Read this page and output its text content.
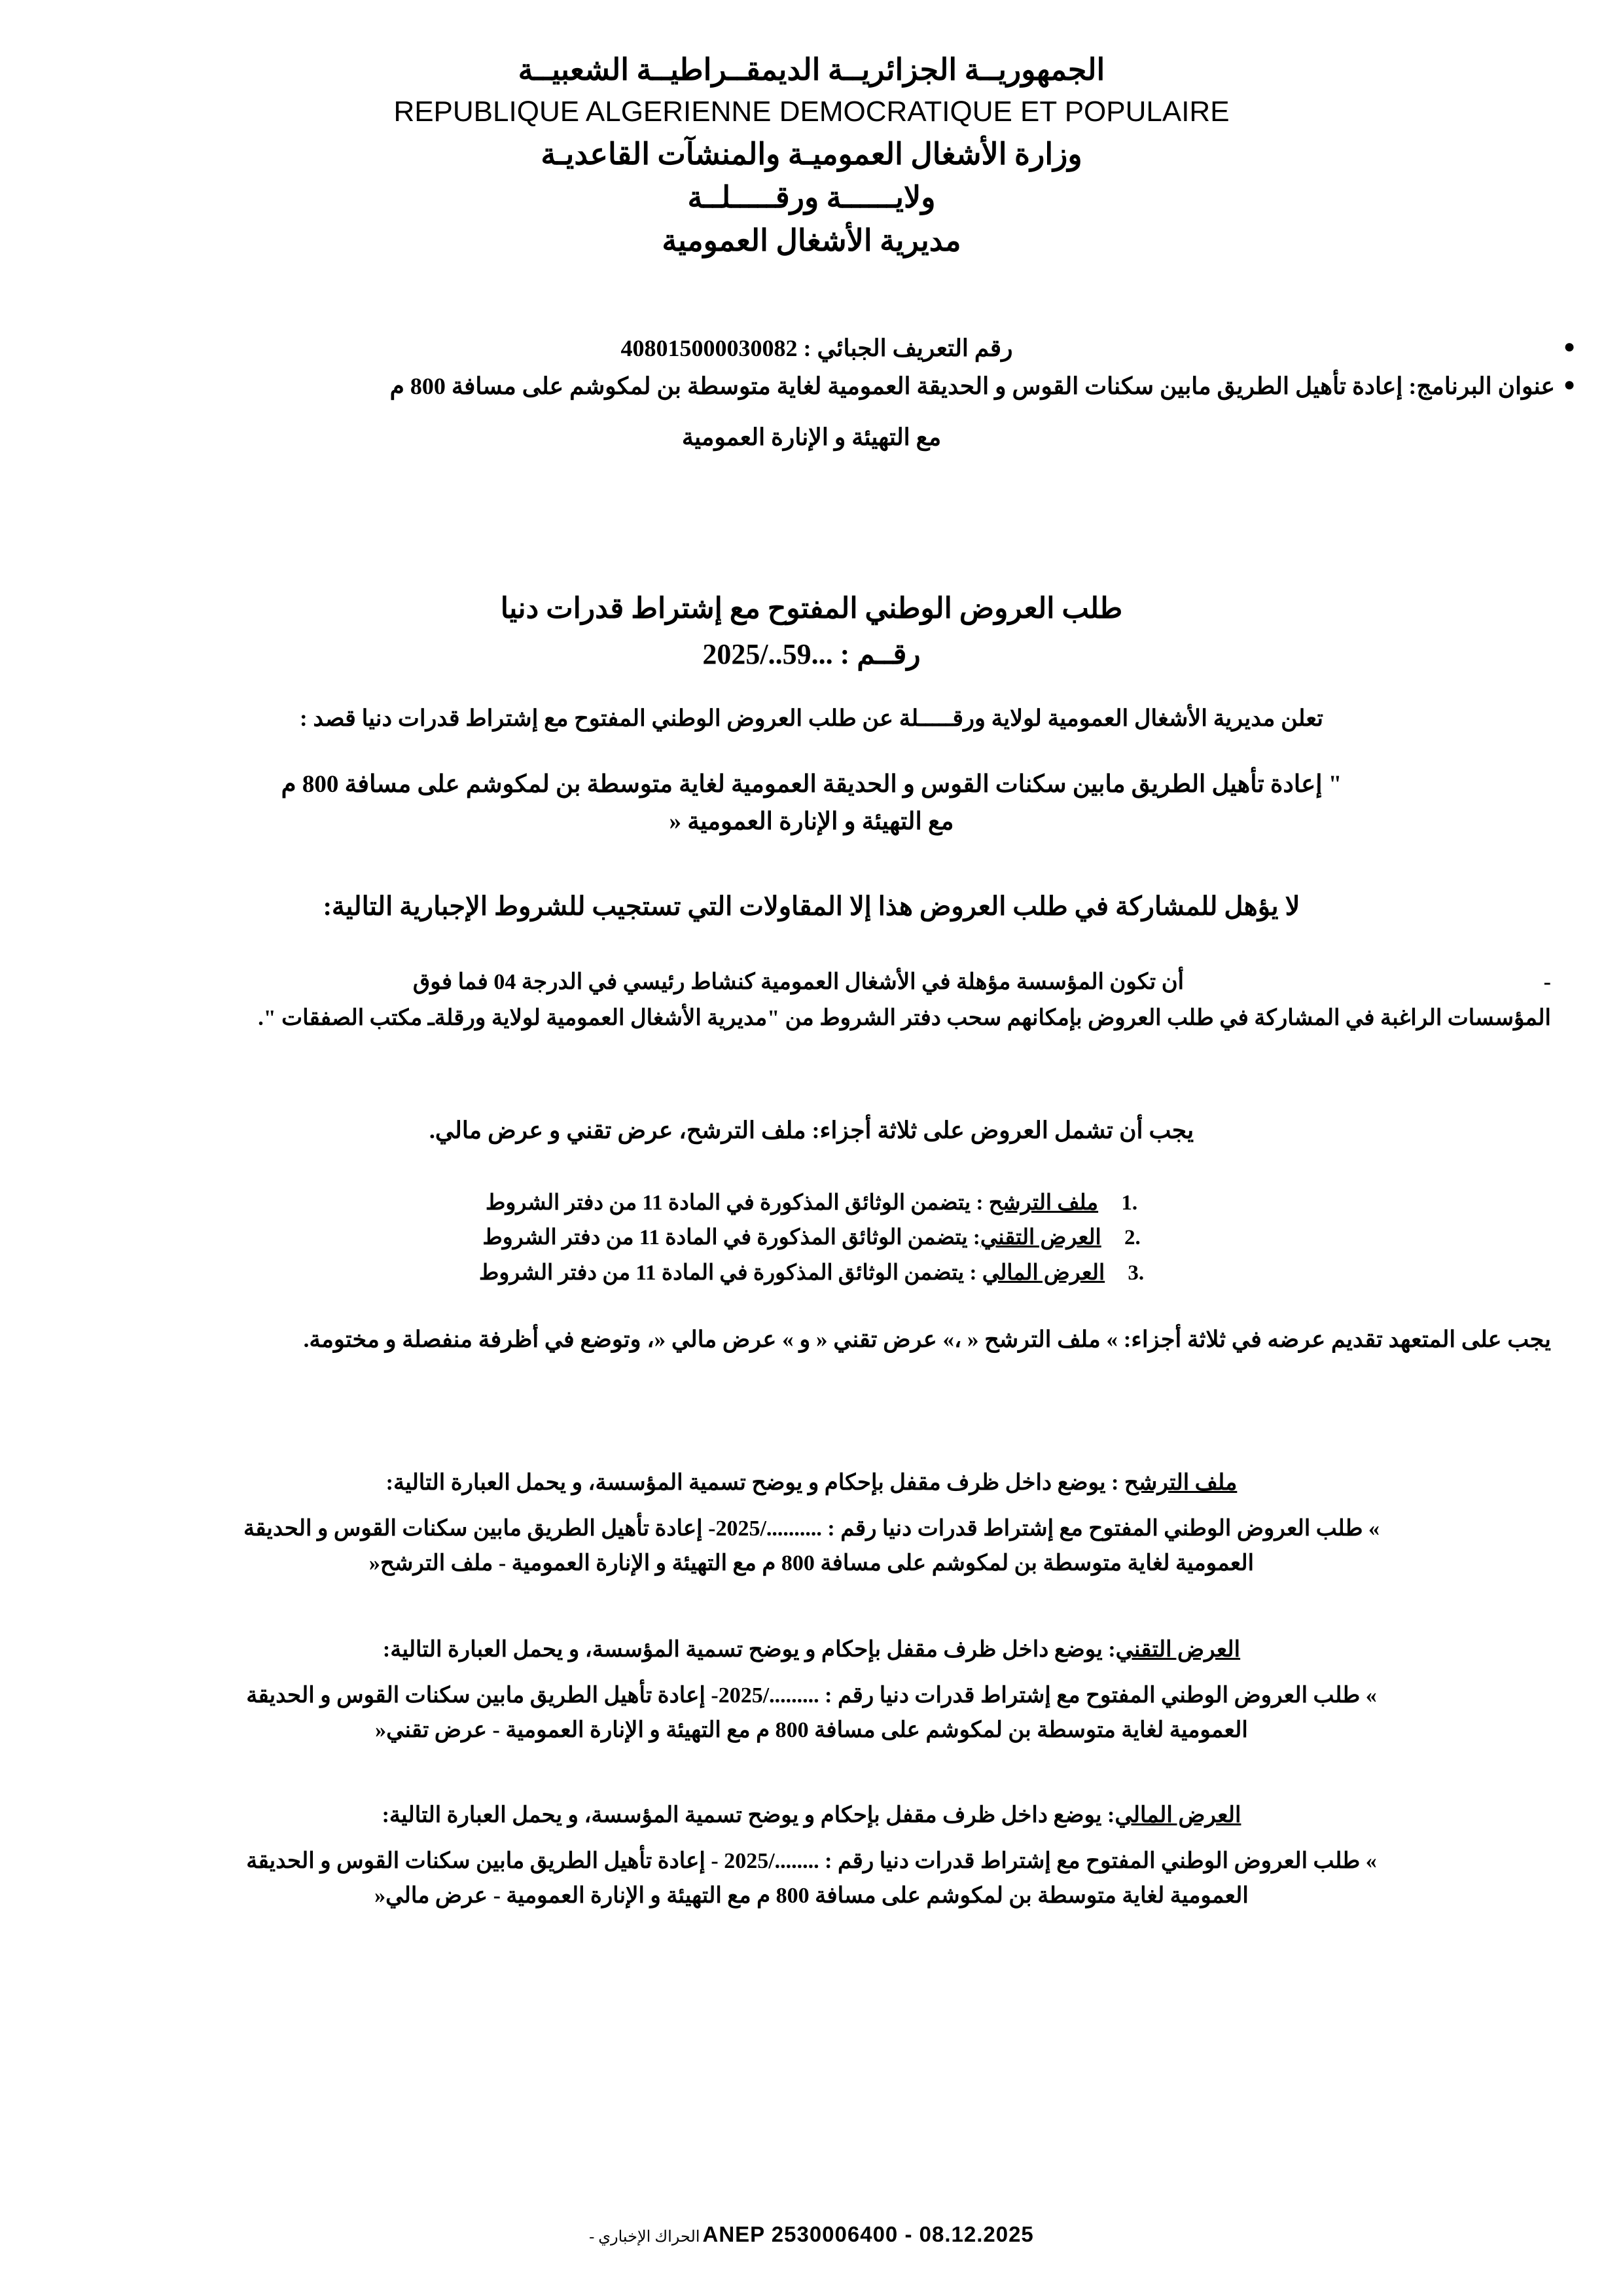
الجمهوريــة الجزائريــة الديمقــراطيــة الشعبيــة
REPUBLIQUE ALGERIENNE DEMOCRATIQUE ET POPULAIRE
وزارة الأشغال العموميـة والمنشآت القاعديـة
ولايــــــة ورقـــــلــة
مديرية الأشغال العمومية
●
رقم التعريف الجبائي : 408015000030082
●
عنوان البرنامج: إعادة تأهيل الطريق مابين سكنات القوس و الحديقة العمومية لغاية متوسطة بن لمكوشم على مسافة 800 م
مع التهيئة و الإنارة العمومية
طلب العروض الوطني المفتوح مع إشتراط قدرات دنيا
رقــم : ...59../2025
تعلن مديرية الأشغال العمومية لولاية ورقـــــلة عن طلب العروض الوطني المفتوح مع إشتراط قدرات دنيا قصد :
" إعادة تأهيل الطريق مابين سكنات القوس و الحديقة العمومية لغاية متوسطة بن لمكوشم على مسافة 800 م
مع التهيئة و الإنارة العمومية «
لا يؤهل للمشاركة في طلب العروض هذا إلا المقاولات التي تستجيب للشروط الإجبارية التالية:
-
أن تكون المؤسسة مؤهلة في الأشغال العمومية كنشاط رئيسي في الدرجة 04 فما فوق
المؤسسات الراغبة في المشاركة في طلب العروض بإمكانهم سحب دفتر الشروط من "مديرية الأشغال العمومية لولاية ورقلةـ مكتب الصفقات ".
يجب أن تشمل العروض على ثلاثة أجزاء: ملف الترشح، عرض تقني و عرض مالي.
1.
ملف الترشح : يتضمن الوثائق المذكورة في المادة 11 من دفتر الشروط
2.
العرض التقني: يتضمن الوثائق المذكورة في المادة 11 من دفتر الشروط
3.
العرض المالي : يتضمن الوثائق المذكورة في المادة 11 من دفتر الشروط
يجب على المتعهد تقديم عرضه في ثلاثة أجزاء: » ملف الترشح « ،» عرض تقني « و » عرض مالي «، وتوضع في أظرفة منفصلة و مختومة.
ملف الترشح : يوضع داخل ظرف مقفل بإحكام و يوضح تسمية المؤسسة، و يحمل العبارة التالية:
» طلب العروض الوطني المفتوح مع إشتراط قدرات دنيا رقم : ........../2025- إعادة تأهيل الطريق مابين سكنات القوس و الحديقة
العمومية لغاية متوسطة بن لمكوشم على مسافة 800 م مع التهيئة و الإنارة العمومية - ملف الترشح«
العرض التقني: يوضع داخل ظرف مقفل بإحكام و يوضح تسمية المؤسسة، و يحمل العبارة التالية:
» طلب العروض الوطني المفتوح مع إشتراط قدرات دنيا رقم : ........./2025- إعادة تأهيل الطريق مابين سكنات القوس و الحديقة
العمومية لغاية متوسطة بن لمكوشم على مسافة 800 م مع التهيئة و الإنارة العمومية - عرض تقني«
العرض المالي: يوضع داخل ظرف مقفل بإحكام و يوضح تسمية المؤسسة، و يحمل العبارة التالية:
» طلب العروض الوطني المفتوح مع إشتراط قدرات دنيا رقم : ......../2025 - إعادة تأهيل الطريق مابين سكنات القوس و الحديقة
العمومية لغاية متوسطة بن لمكوشم على مسافة 800 م مع التهيئة و الإنارة العمومية - عرض مالي«
ANEP 2530006400 - 08.12.2025 الحراك الإخباري -
